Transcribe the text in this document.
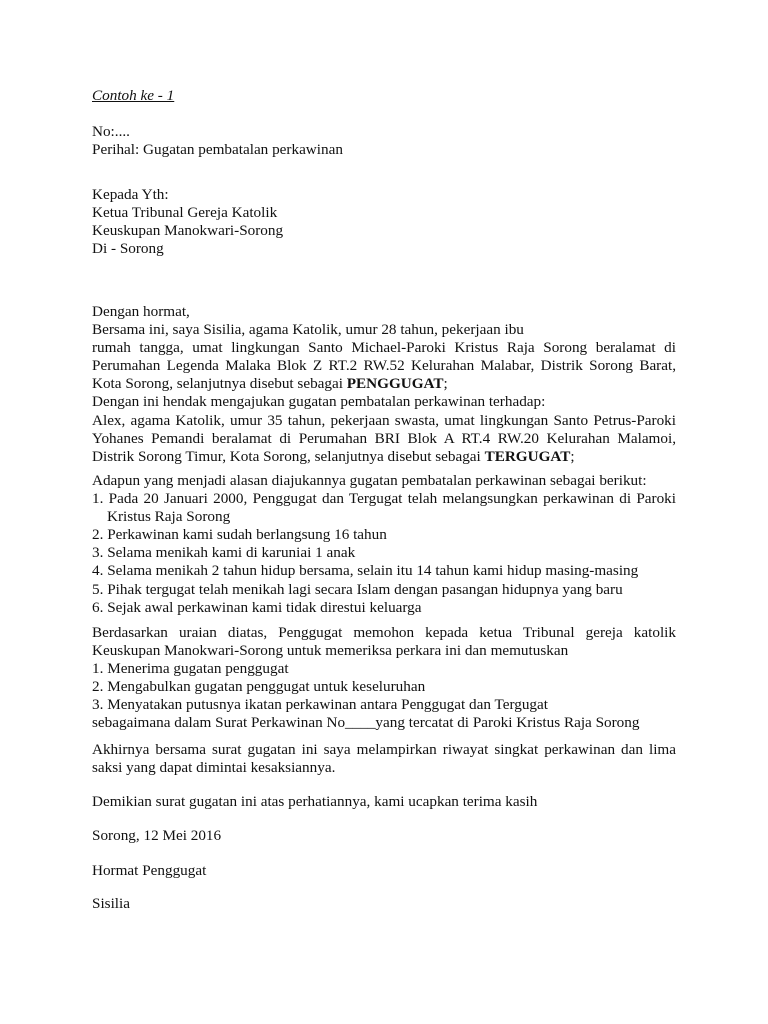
Contoh ke - 1
No:....
Perihal: Gugatan pembatalan perkawinan
Kepada Yth:
Ketua Tribunal Gereja Katolik
Keuskupan Manokwari-Sorong
Di - Sorong
Dengan hormat,
Bersama ini, saya Sisilia, agama Katolik, umur 28 tahun, pekerjaan ibu
rumah tangga, umat lingkungan Santo Michael-Paroki Kristus Raja Sorong beralamat di
Perumahan Legenda Malaka Blok Z RT.2 RW.52 Kelurahan Malabar, Distrik Sorong Barat,
Kota Sorong, selanjutnya disebut sebagai PENGGUGAT;
Dengan ini hendak mengajukan gugatan pembatalan perkawinan terhadap:
Alex, agama Katolik, umur 35 tahun, pekerjaan swasta, umat lingkungan Santo Petrus-Paroki
Yohanes Pemandi beralamat di Perumahan BRI Blok A RT.4 RW.20 Kelurahan Malamoi,
Distrik Sorong Timur, Kota Sorong, selanjutnya disebut sebagai TERGUGAT;
Adapun yang menjadi alasan diajukannya gugatan pembatalan perkawinan sebagai berikut:
1. Pada 20 Januari 2000, Penggugat dan Tergugat telah melangsungkan perkawinan di Paroki
Kristus Raja Sorong
2. Perkawinan kami sudah berlangsung 16 tahun
3. Selama menikah kami di karuniai 1 anak
4. Selama menikah 2 tahun hidup bersama, selain itu 14 tahun kami hidup masing-masing
5. Pihak tergugat telah menikah lagi secara Islam dengan pasangan hidupnya yang baru
6. Sejak awal perkawinan kami tidak direstui keluarga
Berdasarkan uraian diatas, Penggugat memohon kepada ketua Tribunal gereja katolik
Keuskupan Manokwari-Sorong untuk memeriksa perkara ini dan memutuskan
1. Menerima gugatan penggugat
2. Mengabulkan gugatan penggugat untuk keseluruhan
3. Menyatakan putusnya ikatan perkawinan antara Penggugat dan Tergugat
sebagaimana dalam Surat Perkawinan No____yang tercatat di Paroki Kristus Raja Sorong
Akhirnya bersama surat gugatan ini saya melampirkan riwayat singkat perkawinan dan lima
saksi yang dapat dimintai kesaksiannya.
Demikian surat gugatan ini atas perhatiannya, kami ucapkan terima kasih
Sorong, 12 Mei 2016
Hormat Penggugat
Sisilia
